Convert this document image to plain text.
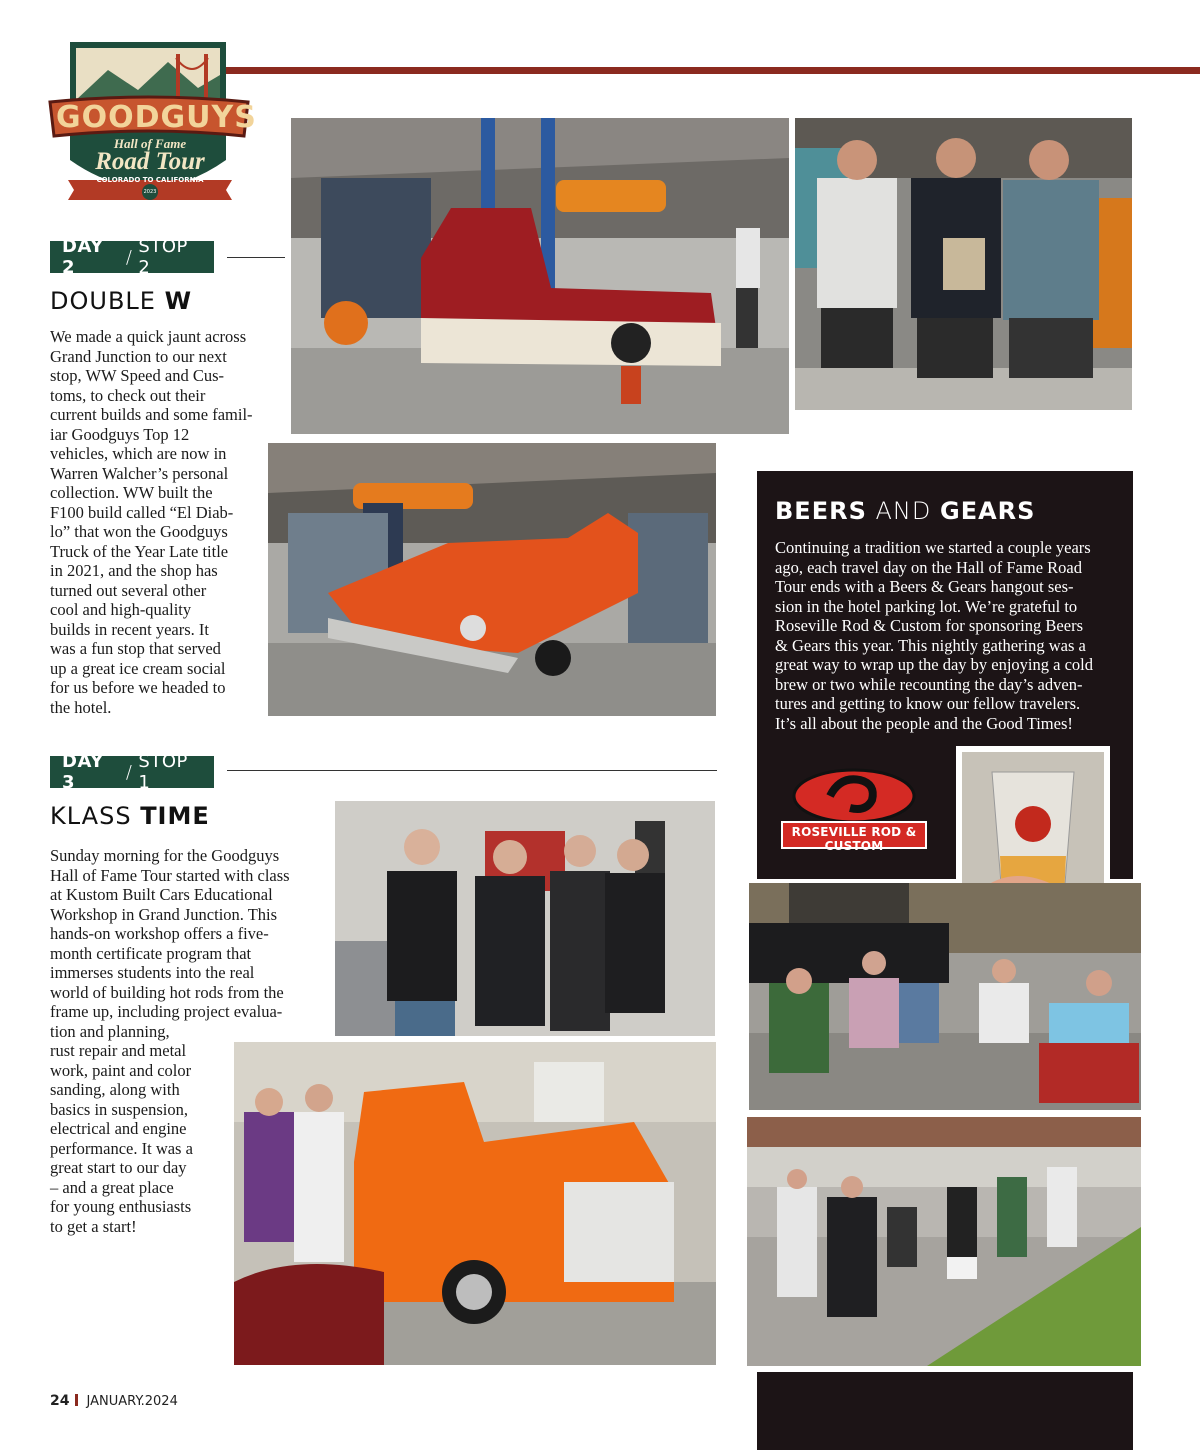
GOODGUYS
Hall of Fame
Road Tour
COLORADO TO CALIFORNIA
2023
DAY 2	/ STOP 2
DOUBLE W
We made a quick jaunt across
Grand Junction to our next
stop, WW Speed and Cus-
toms, to check out their
current builds and some famil-
iar Goodguys Top 12
vehicles, which are now in
Warren Walcher’s personal
collection. WW built the
F100 build called “El Diab-
lo” that won the Goodguys
Truck of the Year Late title
in 2021, and the shop has
turned out several other
cool and high-quality
builds in recent years. It
was a fun stop that served
up a great ice cream social
for us before we headed to
the hotel.
BEERS AND GEARS
Continuing a tradition we started a couple years
ago, each travel day on the Hall of Fame Road
Tour ends with a Beers & Gears hangout ses-
sion in the hotel parking lot. We’re grateful to
Roseville Rod & Custom for sponsoring Beers
& Gears this year. This nightly gathering was a
great way to wrap up the day by enjoying a cold
brew or two while recounting the day’s adven-
tures and getting to know our fellow travelers.
It’s all about the people and the Good Times!
ROSEVILLE ROD & CUSTOM
DAY 3	/ STOP 1
KLASS TIME
Sunday morning for the Goodguys
Hall of Fame Tour started with class
at Kustom Built Cars Educational
Workshop in Grand Junction. This
hands-on workshop offers a five-
month certificate program that
immerses students into the real
world of building hot rods from the
frame up, including project evalua-
tion and planning,
rust repair and metal
work, paint and color
sanding, along with
basics in suspension,
electrical and engine
performance. It was a
great start to our day
– and a great place
for young enthusiasts
to get a start!
24 JANUARY.2024
